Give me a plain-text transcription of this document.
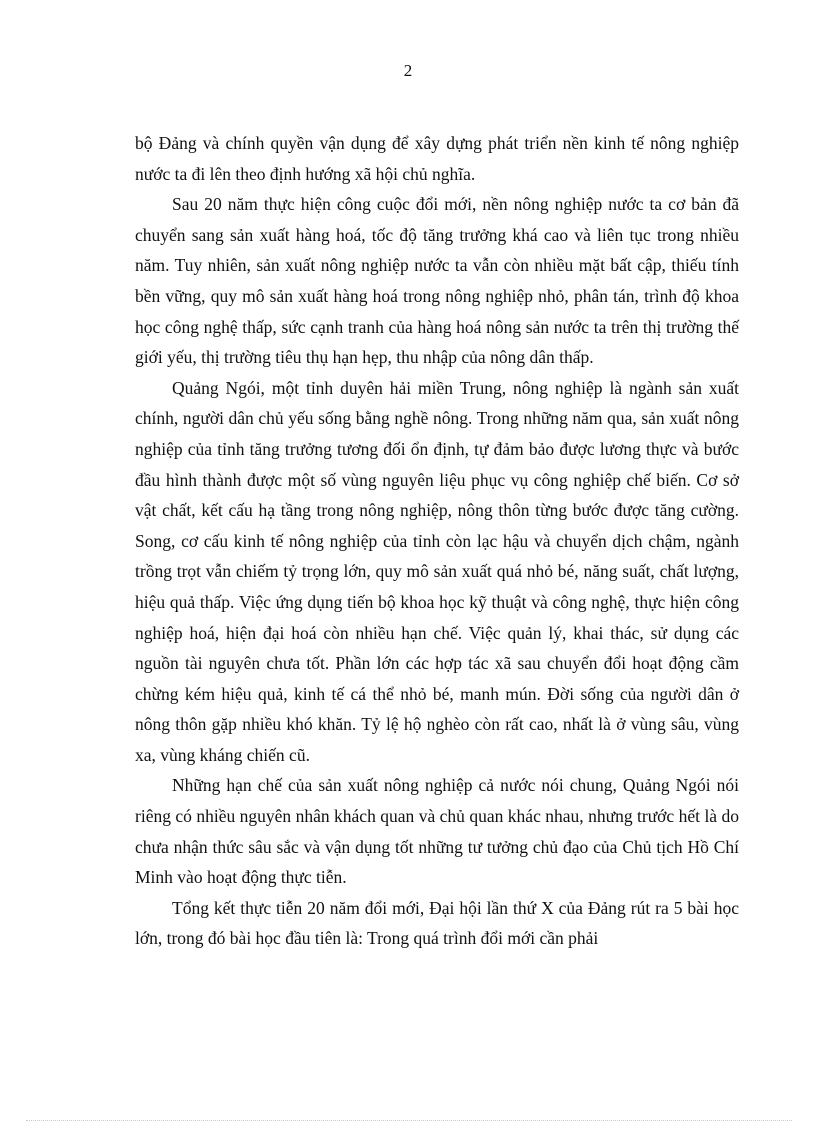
2

bộ Đảng và chính quyền vận dụng để xây dựng phát triển nền kinh tế nông nghiệp nước ta đi lên theo định hướng xã hội chủ nghĩa.

Sau 20 năm thực hiện công cuộc đổi mới, nền nông nghiệp nước ta cơ bản đã chuyển sang sản xuất hàng hoá, tốc độ tăng trưởng khá cao và liên tục trong nhiều năm. Tuy nhiên, sản xuất nông nghiệp nước ta vẫn còn nhiều mặt bất cập, thiếu tính bền vững, quy mô sản xuất hàng hoá trong nông nghiệp nhỏ, phân tán, trình độ khoa học công nghệ thấp, sức cạnh tranh của hàng hoá nông sản nước ta trên thị trường thế giới yếu, thị trường tiêu thụ hạn hẹp, thu nhập của nông dân thấp.

Quảng Ngói, một tỉnh duyên hải miền Trung, nông nghiệp là ngành sản xuất chính, người dân chủ yếu sống bằng nghề nông. Trong những năm qua, sản xuất nông nghiệp của tỉnh tăng trưởng tương đối ổn định, tự đảm bảo được lương thực và bước đầu hình thành được một số vùng nguyên liệu phục vụ công nghiệp chế biến. Cơ sở vật chất, kết cấu hạ tầng trong nông nghiệp, nông thôn từng bước được tăng cường. Song, cơ cấu kinh tế nông nghiệp của tỉnh còn lạc hậu và chuyển dịch chậm, ngành trồng trọt vẫn chiếm tỷ trọng lớn, quy mô sản xuất quá nhỏ bé, năng suất, chất lượng, hiệu quả thấp. Việc ứng dụng tiến bộ khoa học kỹ thuật và công nghệ, thực hiện công nghiệp hoá, hiện đại hoá còn nhiều hạn chế. Việc quản lý, khai thác, sử dụng các nguồn tài nguyên chưa tốt. Phần lớn các hợp tác xã sau chuyển đổi hoạt động cầm chừng kém hiệu quả, kinh tế cá thể nhỏ bé, manh mún. Đời sống của người dân ở nông thôn gặp nhiều khó khăn. Tỷ lệ hộ nghèo còn rất cao, nhất là ở vùng sâu, vùng xa, vùng kháng chiến cũ.

Những hạn chế của sản xuất nông nghiệp cả nước nói chung, Quảng Ngói nói riêng có nhiều nguyên nhân khách quan và chủ quan khác nhau, nhưng trước hết là do chưa nhận thức sâu sắc và vận dụng tốt những tư tưởng chủ đạo của Chủ tịch Hồ Chí Minh vào hoạt động thực tiễn.

Tổng kết thực tiễn 20 năm đổi mới, Đại hội lần thứ X của Đảng rút ra 5 bài học lớn, trong đó bài học đầu tiên là: Trong quá trình đổi mới cần phải
